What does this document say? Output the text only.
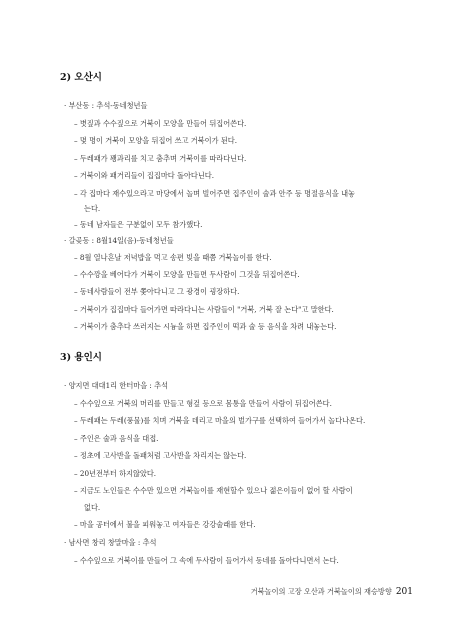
2) 오산시
· 부산동 : 추석-동네청년들
– 볏짚과 수수짚으로 거북이 모양을 만들어 뒤집어쓴다.
– 몇 명이 거북이 모양을 뒤집어 쓰고 거북이가 된다.
– 두레패가 꽹과리를 치고 춤추며 거북이를 따라다닌다.
– 거북이와 패거리들이 집집마다 돌아다닌다.
– 각 집마다 재수있으라고 마당에서 놀며 빌어주면 집주인이 술과 안주 등 명절음식을 내놓
는다.
– 동네 남자들은 구분없이 모두 참가했다.
· 갈곶동 : 8월14일(음)-동네청년들
– 8월 열나흔날 저녁밥을 먹고 송편 빚을 때쯤 거북놀이를 한다.
– 수수깡을 베어다가 거북이 모양을 만들면 두사람이 그것을 뒤집어쓴다.
– 동네사람들이 전부 쫓아다니고 그 광경이 굉장하다.
– 거북이가 집집마다 들어가면 따라다니는 사람들이 "거북, 거북 잘 논다"고 말한다.
– 거북이가 춤추다 쓰러지는 시늉을 하면 집주인이 떡과 술 등 음식을 차려 내놓는다.
3) 용인시
· 양지면 대대1리 한터마을 : 추석
– 수수잎으로 거북의 머리를 만들고 형겊 등으로 몸통을 만들어 사람이 뒤집어쓴다.
– 두레패는 두레(풍물)를 치며 거북을 데리고 마을의 벌가구를 선택하여 들어가서 놀다나온다.
– 주인은 술과 음식을 대접.
– 정초에 고사반을 돌패처럼 고사반을 차리지는 않는다.
– 20년전부터 하지않았다.
– 지금도 노인들은 수수만 있으면 거북놀이를 재현할수 있으나 젊은이들이 없어 할 사람이
없다.
– 마을 공터에서 불을 피워놓고 여자들은 강강술래를 한다.
· 남사면 창리 창말마을 : 추석
– 수수잎으로 거북이를 만들어 그 속에 두사람이 들어가서 동네를 돌아다니면서 논다.
거북놀이의 고장 오산과 거북놀이의 재승방향 201
